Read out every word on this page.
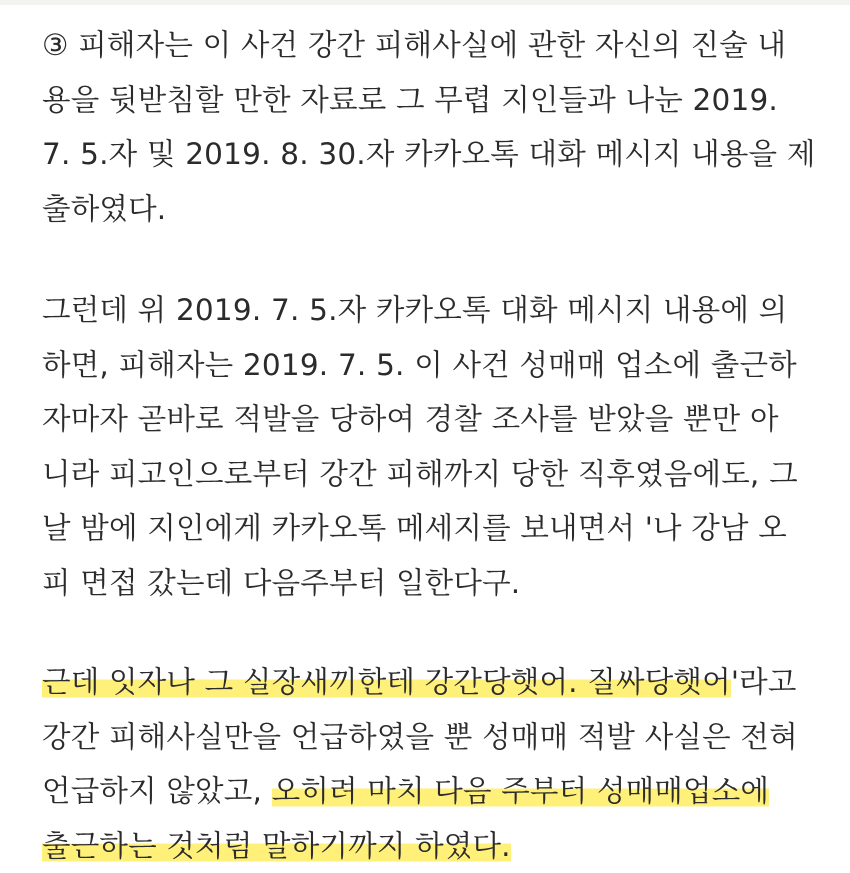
③ 피해자는 이 사건 강간 피해사실에 관한 자신의 진술 내
용을 뒷받침할 만한 자료로 그 무렵 지인들과 나눈 2019.
7. 5.자 및 2019. 8. 30.자 카카오톡 대화 메시지 내용을 제
출하였다.
그런데 위 2019. 7. 5.자 카카오톡 대화 메시지 내용에 의
하면, 피해자는 2019. 7. 5. 이 사건 성매매 업소에 출근하
자마자 곧바로 적발을 당하여 경찰 조사를 받았을 뿐만 아
니라 피고인으로부터 강간 피해까지 당한 직후였음에도, 그
날 밤에 지인에게 카카오톡 메세지를 보내면서 '나 강남 오
피 면접 갔는데 다음주부터 일한다구.
근데 잇자나 그 실장새끼한테 강간당햇어. 질싸당햇어'라고
강간 피해사실만을 언급하였을 뿐 성매매 적발 사실은 전혀
언급하지 않았고, 오히려 마치 다음 주부터 성매매업소에
출근하는 것처럼 말하기까지 하였다.
